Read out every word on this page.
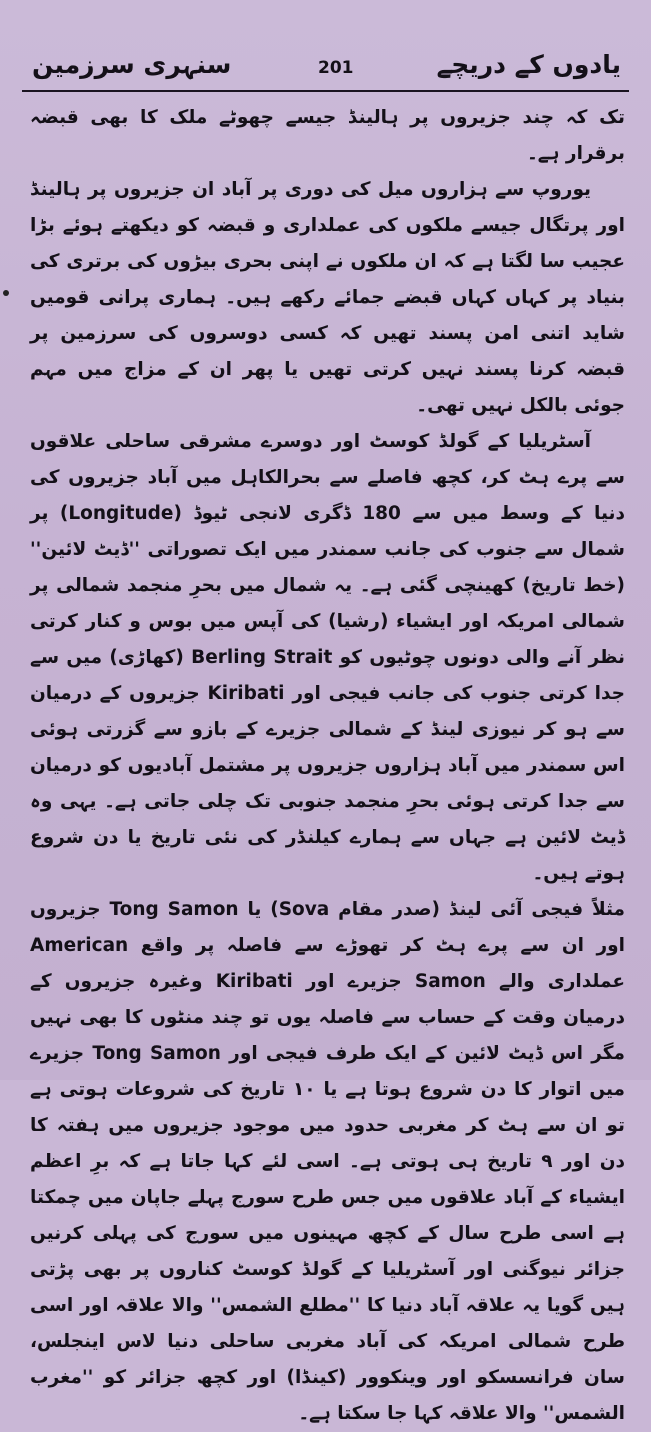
یادوں کے دریچے
201
سنہری سرزمین

تک کہ چند جزیروں پر ہالینڈ جیسے چھوٹے ملک کا بھی قبضہ برقرار ہے۔

یوروپ سے ہزاروں میل کی دوری پر آباد ان جزیروں پر ہالینڈ اور پرتگال جیسے ملکوں کی عملداری و قبضہ کو دیکھتے ہوئے بڑا عجیب سا لگتا ہے کہ ان ملکوں نے اپنی بحری بیڑوں کی برتری کی بنیاد پر کہاں کہاں قبضے جمائے رکھے ہیں۔ ہماری پرانی قومیں شاید اتنی امن پسند تھیں کہ کسی دوسروں کی سرزمین پر قبضہ کرنا پسند نہیں کرتی تھیں یا پھر ان کے مزاج میں مہم جوئی بالکل نہیں تھی۔

آسٹریلیا کے گولڈ کوسٹ اور دوسرے مشرقی ساحلی علاقوں سے پرے ہٹ کر، کچھ فاصلے سے بحرالکاہل میں آباد جزیروں کی دنیا کے وسط میں سے 180 ڈگری لانجی ٹیوڈ (Longitude) پر شمال سے جنوب کی جانب سمندر میں ایک تصوراتی ''ڈیٹ لائین'' (خط تاریخ) کھینچی گئی ہے۔ یہ شمال میں بحرِ منجمد شمالی پر شمالی امریکہ اور ایشیاء (رشیا) کی آپس میں بوس و کنار کرتی نظر آنے والی دونوں چوٹیوں کو Berling Strait (کھاڑی) میں سے جدا کرتی جنوب کی جانب فیجی اور Kiribati جزیروں کے درمیان سے ہو کر نیوزی لینڈ کے شمالی جزیرے کے بازو سے گزرتی ہوئی اس سمندر میں آباد ہزاروں جزیروں پر مشتمل آبادیوں کو درمیان سے جدا کرتی ہوئی بحرِ منجمد جنوبی تک چلی جاتی ہے۔ یہی وہ ڈیٹ لائین ہے جہاں سے ہمارے کیلنڈر کی نئی تاریخ یا دن شروع ہوتے ہیں۔

مثلاً فیجی آئی لینڈ (صدر مقام Sova) یا Tong Samon جزیروں اور ان سے پرے ہٹ کر تھوڑے سے فاصلہ پر واقع American عملداری والے Samon جزیرے اور Kiribati وغیرہ جزیروں کے درمیان وقت کے حساب سے فاصلہ یوں تو چند منٹوں کا بھی نہیں مگر اس ڈیٹ لائین کے ایک طرف فیجی اور Tong Samon جزیرے میں اتوار کا دن شروع ہوتا ہے یا ۱۰ تاریخ کی شروعات ہوتی ہے تو ان سے ہٹ کر مغربی حدود میں موجود جزیروں میں ہفتہ کا دن اور ۹ تاریخ ہی ہوتی ہے۔ اسی لئے کہا جاتا ہے کہ برِ اعظم ایشیاء کے آباد علاقوں میں جس طرح سورج پہلے جاپان میں چمکتا ہے اسی طرح سال کے کچھ مہینوں میں سورج کی پہلی کرنیں جزائر نیوگنی اور آسٹریلیا کے گولڈ کوسٹ کناروں پر بھی پڑتی ہیں گویا یہ علاقہ آباد دنیا کا ''مطلع الشمس'' والا علاقہ اور اسی طرح شمالی امریکہ کی آباد مغربی ساحلی دنیا لاس اینجلس، سان فرانسسکو اور وینکوور (کینڈا) اور کچھ جزائر کو ''مغرب الشمس'' والا علاقہ کہا جا سکتا ہے۔
